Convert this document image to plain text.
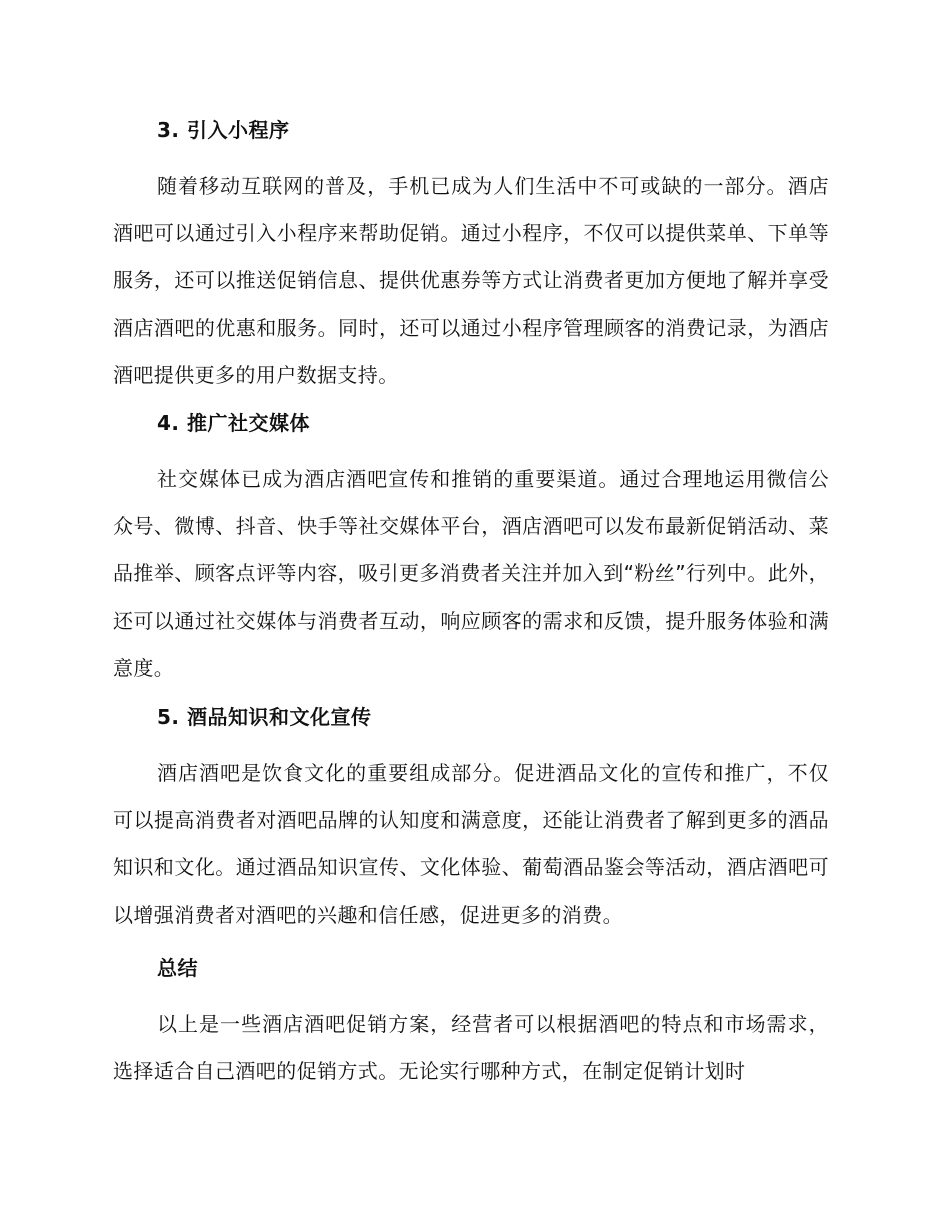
3. 引入小程序

随着移动互联网的普及，手机已成为人们生活中不可或缺的一部分。酒店酒吧可以通过引入小程序来帮助促销。通过小程序，不仅可以提供菜单、下单等服务，还可以推送促销信息、提供优惠券等方式让消费者更加方便地了解并享受酒店酒吧的优惠和服务。同时，还可以通过小程序管理顾客的消费记录，为酒店酒吧提供更多的用户数据支持。

4. 推广社交媒体

社交媒体已成为酒店酒吧宣传和推销的重要渠道。通过合理地运用微信公众号、微博、抖音、快手等社交媒体平台，酒店酒吧可以发布最新促销活动、菜品推举、顾客点评等内容，吸引更多消费者关注并加入到“粉丝”行列中。此外，还可以通过社交媒体与消费者互动，响应顾客的需求和反馈，提升服务体验和满意度。

5. 酒品知识和文化宣传

酒店酒吧是饮食文化的重要组成部分。促进酒品文化的宣传和推广，不仅可以提高消费者对酒吧品牌的认知度和满意度，还能让消费者了解到更多的酒品知识和文化。通过酒品知识宣传、文化体验、葡萄酒品鉴会等活动，酒店酒吧可以增强消费者对酒吧的兴趣和信任感，促进更多的消费。

总结

以上是一些酒店酒吧促销方案，经营者可以根据酒吧的特点和市场需求，选择适合自己酒吧的促销方式。无论实行哪种方式，在制定促销计划时
